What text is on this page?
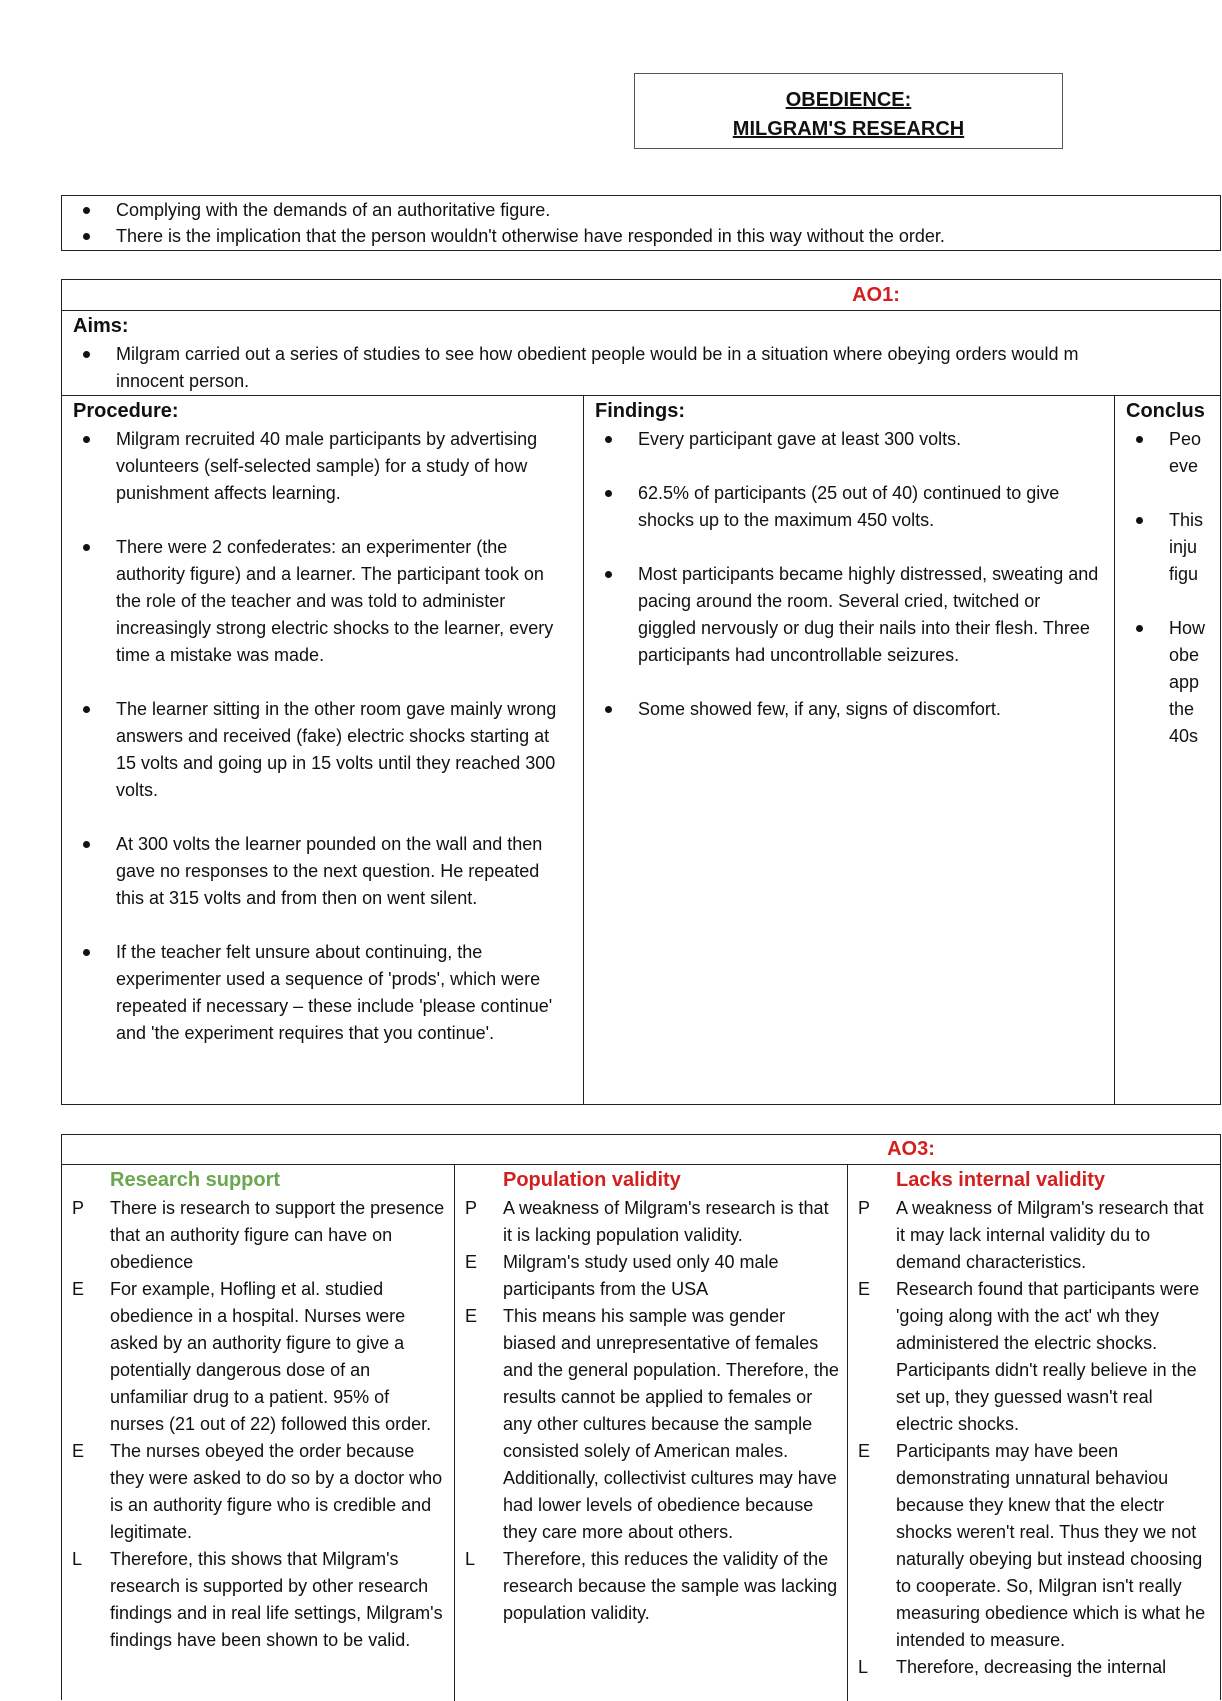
OBEDIENCE:
MILGRAM'S RESEARCH
Complying with the demands of an authoritative figure.
There is the implication that the person wouldn't otherwise have responded in this way without the order.
AO1:
Aims:
Milgram carried out a series of studies to see how obedient people would be in a situation where obeying orders would m
innocent person.
Procedure:
Milgram recruited 40 male participants by advertising volunteers (self-selected sample) for a study of how punishment affects learning.
There were 2 confederates: an experimenter (the authority figure) and a learner. The participant took on the role of the teacher and was told to administer increasingly strong electric shocks to the learner, every time a mistake was made.
The learner sitting in the other room gave mainly wrong answers and received (fake) electric shocks starting at 15 volts and going up in 15 volts until they reached 300 volts.
At 300 volts the learner pounded on the wall and then gave no responses to the next question. He repeated this at 315 volts and from then on went silent.
If the teacher felt unsure about continuing, the experimenter used a sequence of 'prods', which were repeated if necessary – these include 'please continue' and 'the experiment requires that you continue'.
Findings:
Every participant gave at least 300 volts.
62.5% of participants (25 out of 40) continued to give shocks up to the maximum 450 volts.
Most participants became highly distressed, sweating and pacing around the room. Several cried, twitched or giggled nervously or dug their nails into their flesh. Three participants had uncontrollable seizures.
Some showed few, if any, signs of discomfort.
Conclus
Peo
eve
This
inju
figu
How
obe
app
the
40s
AO3:
Research support
P	There is research to support the presence that an authority figure can have on obedience
E	For example, Hofling et al. studied obedience in a hospital. Nurses were asked by an authority figure to give a potentially dangerous dose of an unfamiliar drug to a patient. 95% of nurses (21 out of 22) followed this order.
E	The nurses obeyed the order because they were asked to do so by a doctor who is an authority figure who is credible and legitimate.
L	Therefore, this shows that Milgram's research is supported by other research findings and in real life settings, Milgram's findings have been shown to be valid.
Population validity
P	A weakness of Milgram's research is that it is lacking population validity.
E	Milgram's study used only 40 male participants from the USA
E	This means his sample was gender biased and unrepresentative of females and the general population. Therefore, the results cannot be applied to females or any other cultures because the sample consisted solely of American males. Additionally, collectivist cultures may have had lower levels of obedience because they care more about others.
L	Therefore, this reduces the validity of the research because the sample was lacking population validity.
Lacks internal validity
P	A weakness of Milgram's research that it may lack internal validity du to demand characteristics.
E	Research found that participants were 'going along with the act' wh they administered the electric shocks. Participants didn't really believe in the set up, they guessed wasn't real electric shocks.
E	Participants may have been demonstrating unnatural behaviou because they knew that the electr shocks weren't real. Thus they we not naturally obeying but instead choosing to cooperate. So, Milgran isn't really measuring obedience which is what he intended to measure.
L	Therefore, decreasing the internal
